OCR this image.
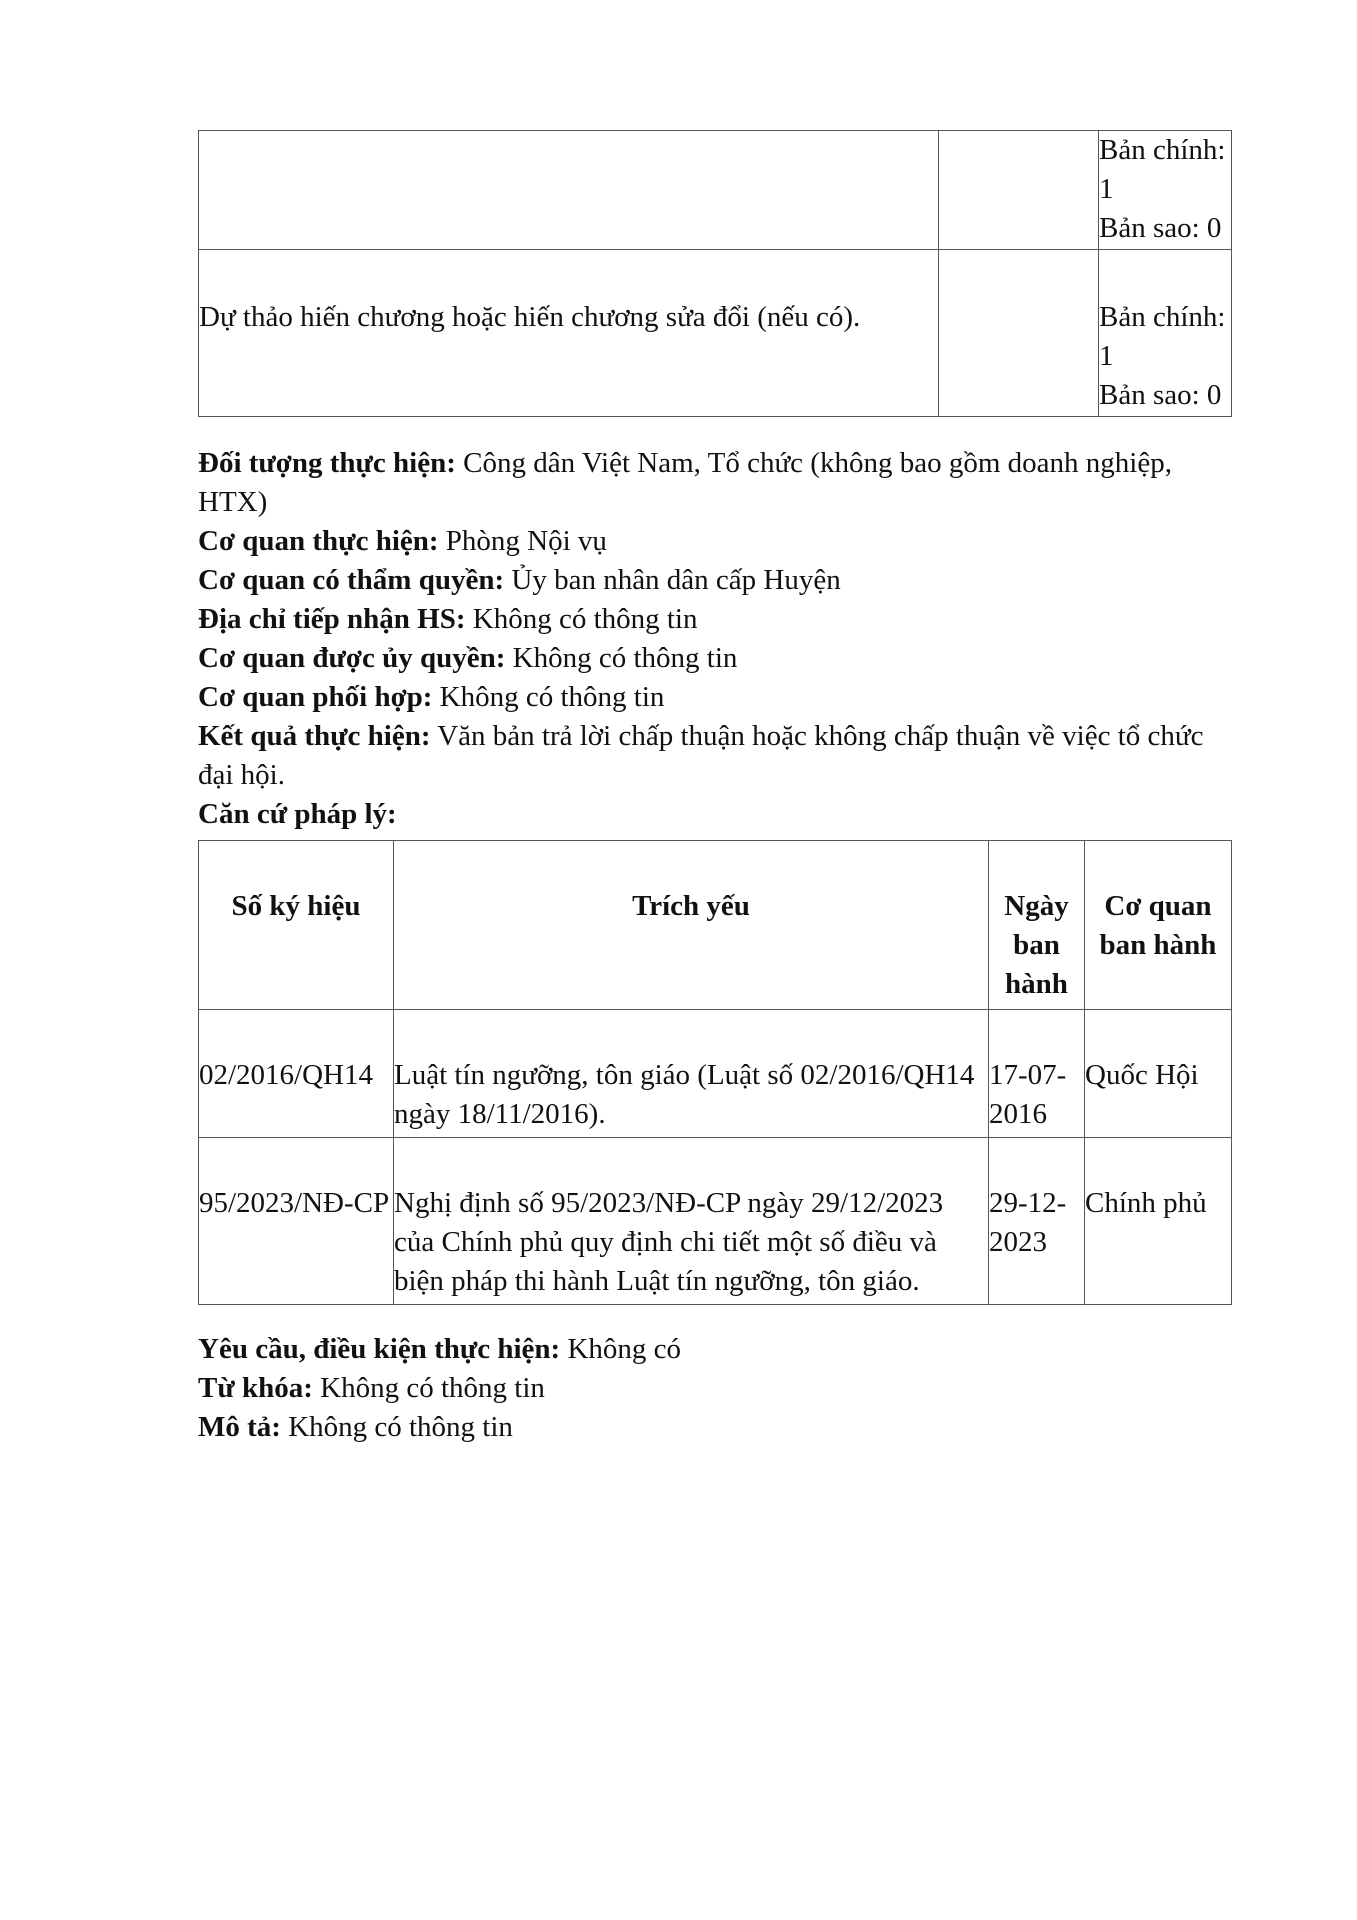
		Bản chính: 1
Bản sao: 0

Dự thảo hiến chương hoặc hiến chương sửa đổi (nếu có).		Bản chính: 1
Bản sao: 0

Đối tượng thực hiện: Công dân Việt Nam, Tổ chức (không bao gồm doanh nghiệp, HTX)

Cơ quan thực hiện: Phòng Nội vụ

Cơ quan có thẩm quyền: Ủy ban nhân dân cấp Huyện

Địa chỉ tiếp nhận HS: Không có thông tin

Cơ quan được ủy quyền: Không có thông tin

Cơ quan phối hợp: Không có thông tin

Kết quả thực hiện: Văn bản trả lời chấp thuận hoặc không chấp thuận về việc tổ chức đại hội.

Căn cứ pháp lý:

Số ký hiệu	Trích yếu	Ngày ban hành	Cơ quan ban hành
02/2016/QH14	Luật tín ngưỡng, tôn giáo (Luật số 02/2016/QH14 ngày 18/11/2016).	17-07-2016	Quốc Hội
95/2023/NĐ-CP	Nghị định số 95/2023/NĐ-CP ngày 29/12/2023 của Chính phủ quy định chi tiết một số điều và biện pháp thi hành Luật tín ngưỡng, tôn giáo.	29-12-2023	Chính phủ

Yêu cầu, điều kiện thực hiện: Không có

Từ khóa: Không có thông tin

Mô tả: Không có thông tin
